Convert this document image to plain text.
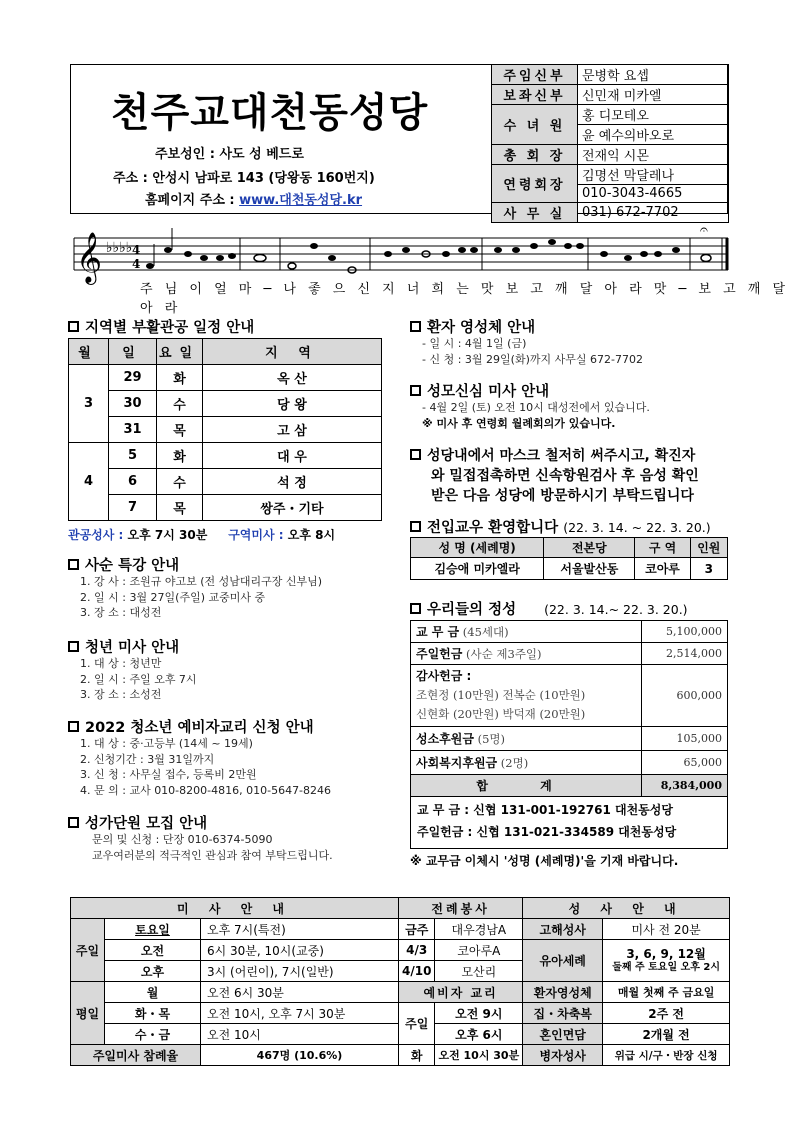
천주교대천동성당
주보성인 : 사도 성 베드로
주소 : 안성시 남파로 143 (당왕동 160번지)
홈페이지 주소 : www.대천동성당.kr
주임신부	문병학 요셉
보좌신부	신민재 미카엘
수 녀 원	홍 디모테오
	윤 예수의바오로
총 회 장	전재익 시몬
연령회장	김명선 막달레나
	010-3043-4665
사 무 실	031) 672-7702
𝄞 ♭♭♭♭ 4
4
𝄐
주 님 이 얼 마 ─ 나 좋 으 신 지 너 희 는 맛 보 고 깨 달 아 라 맛 ─ 보 고 깨 달 아 라
지역별 부활관공 일정 안내
월	일	요일	지 역
3	29	화	옥 산
	30	수	당 왕
	31	목	고 삼
4	5	화	대 우
	6	수	석 정
	7	목	쌍주・기타
관공성사 : 오후 7시 30분 구역미사 : 오후 8시
사순 특강 안내
1. 강 사 : 조원규 야고보 (전 성남대리구장 신부님)
2. 일 시 : 3월 27일(주일) 교중미사 중
3. 장 소 : 대성전
청년 미사 안내
1. 대 상 : 청년만
2. 일 시 : 주일 오후 7시
3. 장 소 : 소성전
2022 청소년 예비자교리 신청 안내
1. 대 상 : 중·고등부 (14세 ~ 19세)
2. 신청기간 : 3월 31일까지
3. 신 청 : 사무실 접수, 등록비 2만원
4. 문 의 : 교사 010-8200-4816, 010-5647-8246
성가단원 모집 안내
문의 및 신청 : 단장 010-6374-5090
교우여러분의 적극적인 관심과 참여 부탁드립니다.
환자 영성체 안내
- 일 시 : 4월 1일 (금)
- 신 청 : 3월 29일(화)까지 사무실 672-7702
성모신심 미사 안내
- 4월 2일 (토) 오전 10시 대성전에서 있습니다.
※ 미사 후 연령회 월례회의가 있습니다.
성당내에서 마스크 철저히 써주시고, 확진자
와 밀접접촉하면 신속항원검사 후 음성 확인
받은 다음 성당에 방문하시기 부탁드립니다
전입교우 환영합니다 (22. 3. 14. ~ 22. 3. 20.)
성 명 (세례명)	전본당	구 역	인원
김승애 미카엘라	서울발산동	코아루	3
우리들의 정성 (22. 3. 14.~ 22. 3. 20.)
교 무 금 (45세대)	5,100,000
주일헌금 (사순 제3주일)	2,514,000

감사헌금 :
조현정 (10만원) 전복순 (10만원)
신현화 (20만원) 박덕재 (20만원)	600,000
성소후원금 (5명)	105,000
사회복지후원금 (2명)	65,000
합 계	8,384,000
교 무 금 : 신협 131-001-192761 대천동성당
주일헌금 : 신협 131-021-334589 대천동성당
※ 교무금 이체시 '성명 (세례명)'을 기재 바랍니다.
미 사 안 내			전례봉사		성 사 안 내	
주일	토요일	오후 7시(특전)	금주	대우경남A	고해성사	미사 전 20분
	오전	6시 30분, 10시(교중)	4/3	코아루A	유아세례	3, 6, 9, 12월
둘째 주 토요일 오후 2시

	오후	3시 (어린이), 7시(일반)	4/10	모산리		
평일	월	오전 6시 30분	예비자 교리		환자영성체	매월 첫째 주 금요일
	화・목	오전 10시, 오후 7시 30분	주일	오전 9시	집・차축복	2주 전
	수・금	오전 10시		오후 6시	혼인면담	2개월 전
주일미사 참례율		467명 (10.6%)	화	오전 10시 30분	병자성사	위급 시/구・반장 신청
